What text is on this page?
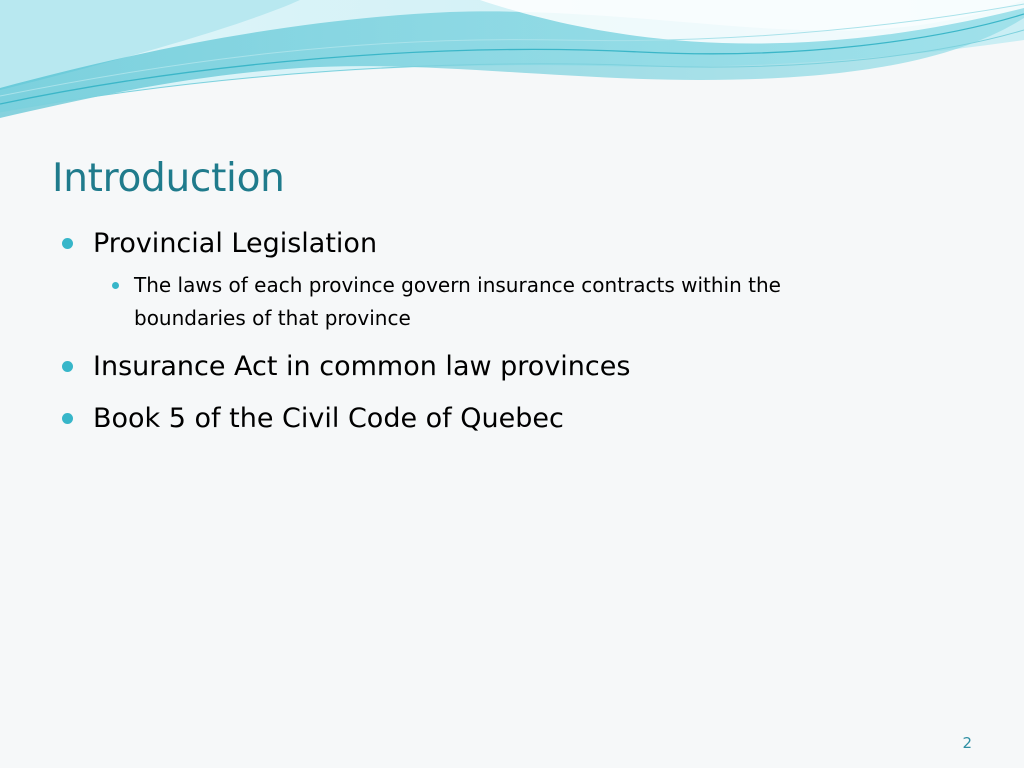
Introduction
Provincial Legislation
The laws of each province govern insurance contracts within the boundaries of that province
Insurance Act in common law provinces
Book 5 of the Civil Code of Quebec
2
